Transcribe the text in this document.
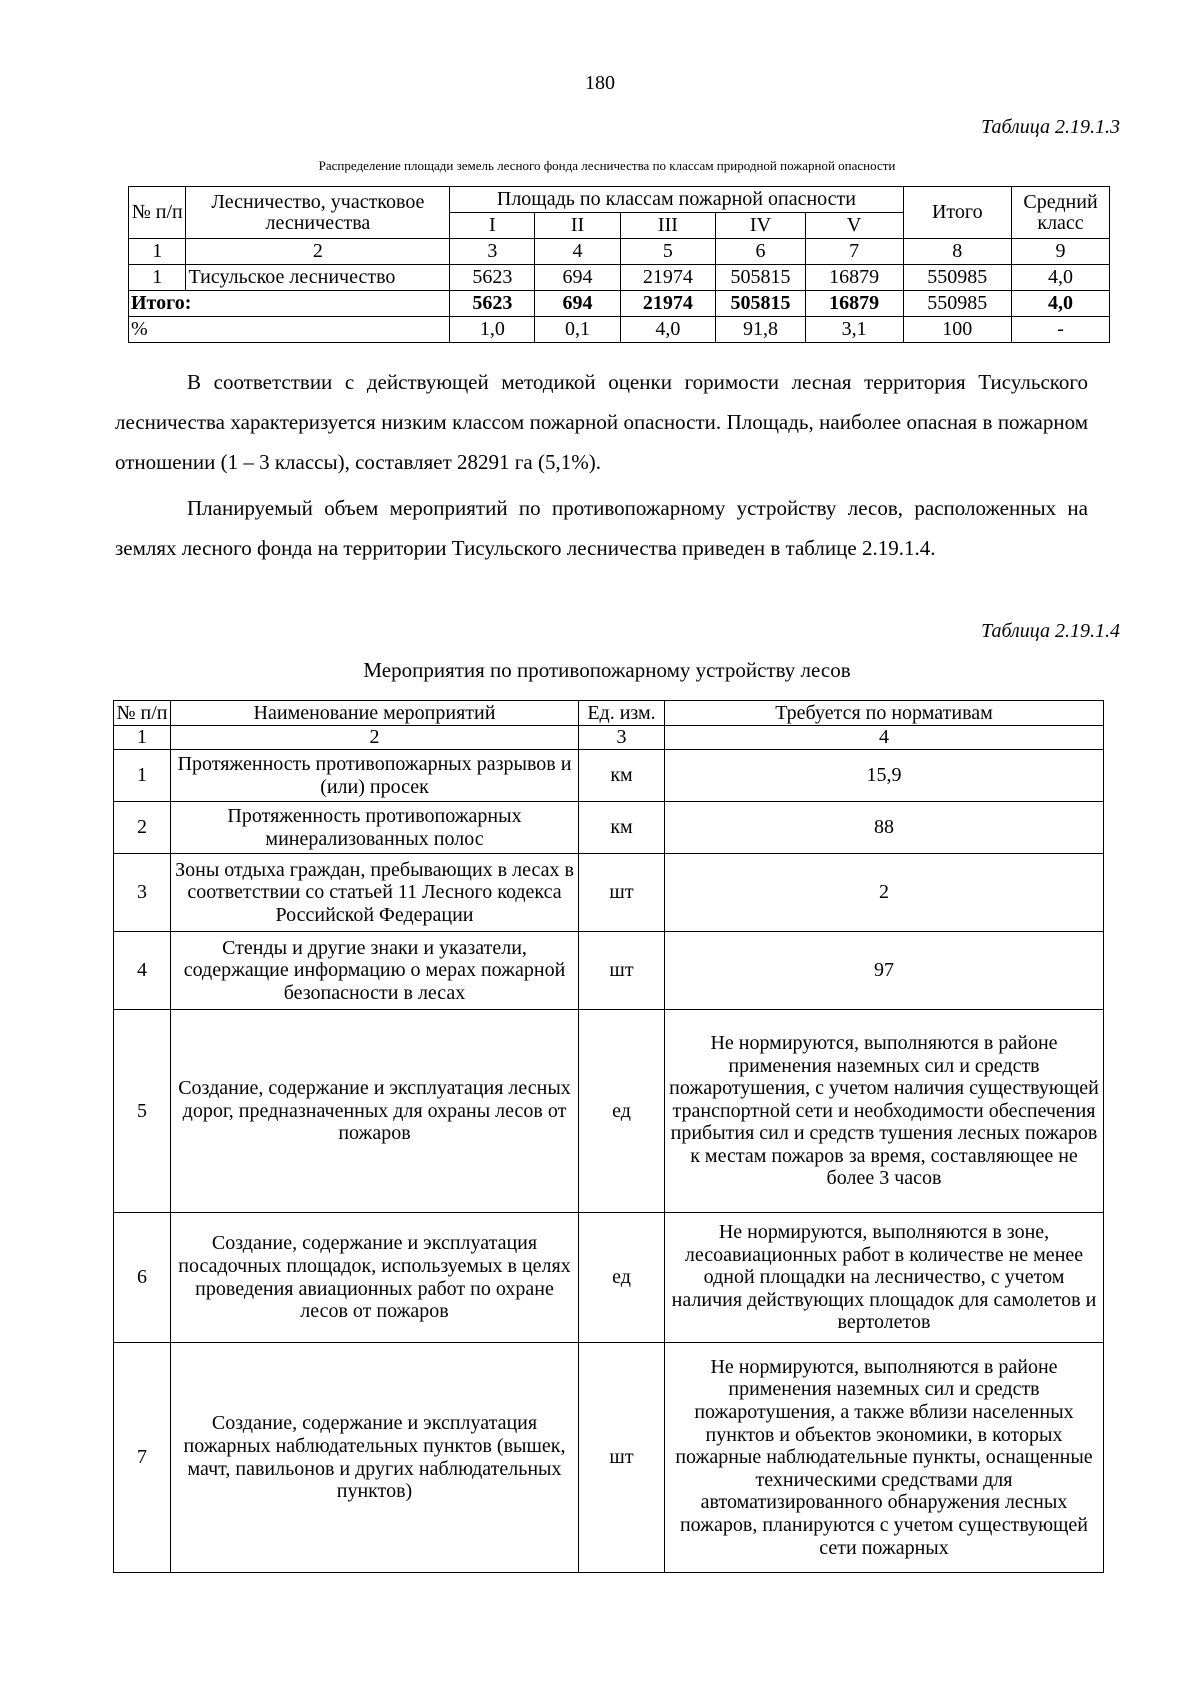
180
Таблица 2.19.1.3
Распределение площади земель лесного фонда лесничества по классам природной пожарной опасности
№ п/п	Лесничество, участковое лесничества	Площадь по классам пожарной опасности					Итого	Средний класс
		I	II	III	IV	V		
1	2	3	4	5	6	7	8	9
1	Тисульское лесничество	5623	694	21974	505815	16879	550985	4,0
Итого:		5623	694	21974	505815	16879	550985	4,0
%		1,0	0,1	4,0	91,8	3,1	100	-

В соответствии с действующей методикой оценки горимости лесная территория Тисульского лесничества характеризуется низким классом пожарной опасности. Площадь, наиболее опасная в пожарном отношении (1 – 3 классы), составляет 28291 га (5,1%).

Планируемый объем мероприятий по противопожарному устройству лесов, расположенных на землях лесного фонда на территории Тисульского лесничества приведен в таблице 2.19.1.4.

Таблица 2.19.1.4
Мероприятия по противопожарному устройству лесов
№ п/п	Наименование мероприятий	Ед. изм.	Требуется по нормативам
1	2	3	4
1	Протяженность противопожарных разрывов и (или) просек	км	15,9
2	Протяженность противопожарных минерализованных полос	км	88
3	Зоны отдыха граждан, пребывающих в лесах в соответствии со статьей 11 Лесного кодекса Российской Федерации	шт	2
4	Стенды и другие знаки и указатели, содержащие информацию о мерах пожарной безопасности в лесах	шт	97
5	Создание, содержание и эксплуатация лесных дорог, предназначенных для охраны лесов от пожаров	ед	Не нормируются, выполняются в районе применения наземных сил и средств пожаротушения, с учетом наличия существующей транспортной сети и необходимости обеспечения прибытия сил и средств тушения лесных пожаров к местам пожаров за время, составляющее не более 3 часов
6	Создание, содержание и эксплуатация посадочных площадок, используемых в целях проведения авиационных работ по охране лесов от пожаров	ед	Не нормируются, выполняются в зоне, лесоавиационных работ в количестве не менее одной площадки на лесничество, с учетом наличия действующих площадок для самолетов и вертолетов
7	Создание, содержание и эксплуатация пожарных наблюдательных пунктов (вышек, мачт, павильонов и других наблюдательных пунктов)	шт	Не нормируются, выполняются в районе применения наземных сил и средств пожаротушения, а также вблизи населенных пунктов и объектов экономики, в которых пожарные наблюдательные пункты, оснащенные техническими средствами для автоматизированного обнаружения лесных пожаров, планируются с учетом существующей сети пожарных
